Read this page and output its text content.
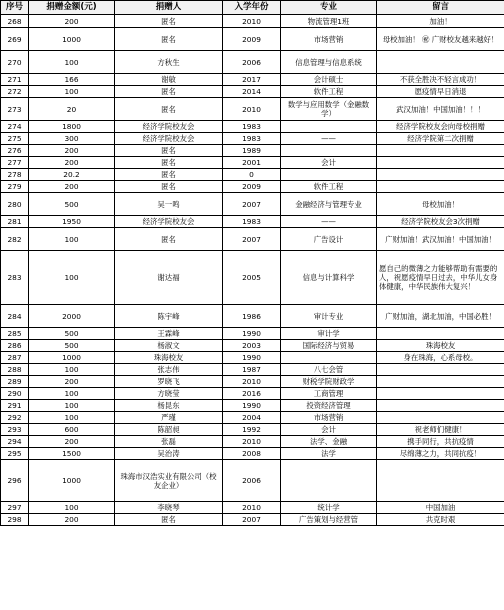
序号	捐赠金额(元)	捐赠人	入学年份	专业	留言
268	200	匿名	2010	物流管理1班	加油！
269	1000	匿名	2009	市场营销	母校加油！ ㊗ 广财校友越来越好！
270	100	方秋生	2006	信息管理与信息系统	
271	166	谢敏	2017	会计硕士	不获全胜决不轻言成功！
272	100	匿名	2014	软件工程	愿疫情早日消退
273	20	匿名	2010	数学与应用数学（金融数学）	武汉加油！中国加油！！！
274	1800	经济学院校友会	1983		经济学院校友会向母校捐赠
275	300	经济学院校友会	1983	——	经济学院第二次捐赠
276	200	匿名	1989		
277	200	匿名	2001	会计	
278	20.2	匿名	0		
279	200	匿名	2009	软件工程	
280	500	吴一鸣	2007	金融经济与管理专业	母校加油！
281	1950	经济学院校友会	1983	——	经济学院校友会3次捐赠
282	100	匿名	2007	广告设计	广财加油！武汉加油！中国加油！
283	100	谢达福	2005	信息与计算科学	愿自己的微薄之力能够帮助有需要的人，祝愿疫情早日过去，中华儿女身体健康，中华民族伟大复兴！
284	2000	陈宇峰	1986	审计专业	广财加油，湖北加油，中国必胜！
285	500	王霖峰	1990	审计学	
286	500	杨淑文	2003	国际经济与贸易	珠海校友
287	1000	珠海校友	1990		身在珠海，心系母校。
288	100	张志伟	1987	八七会管	
289	200	罗晓飞	2010	财税学院财政学	
290	100	方晓莹	2016	工商管理	
291	100	杨昆东	1990	投资经济管理	
292	100	严瑾	2004	市场营销	
293	600	陈韶昶	1992	会计	祝老师们健康！
294	200	张磊	2010	法学、金融	携手同行，共抗疫情
295	1500	吴治涛	2008	法学	尽绵薄之力，共同抗疫！
296	1000	珠海市汉浩实业有限公司（校友企业）	2006		
297	100	李晓琴	2010	统计学	中国加油
298	200	匿名	2007	广告策划与经营管	共克时艰
